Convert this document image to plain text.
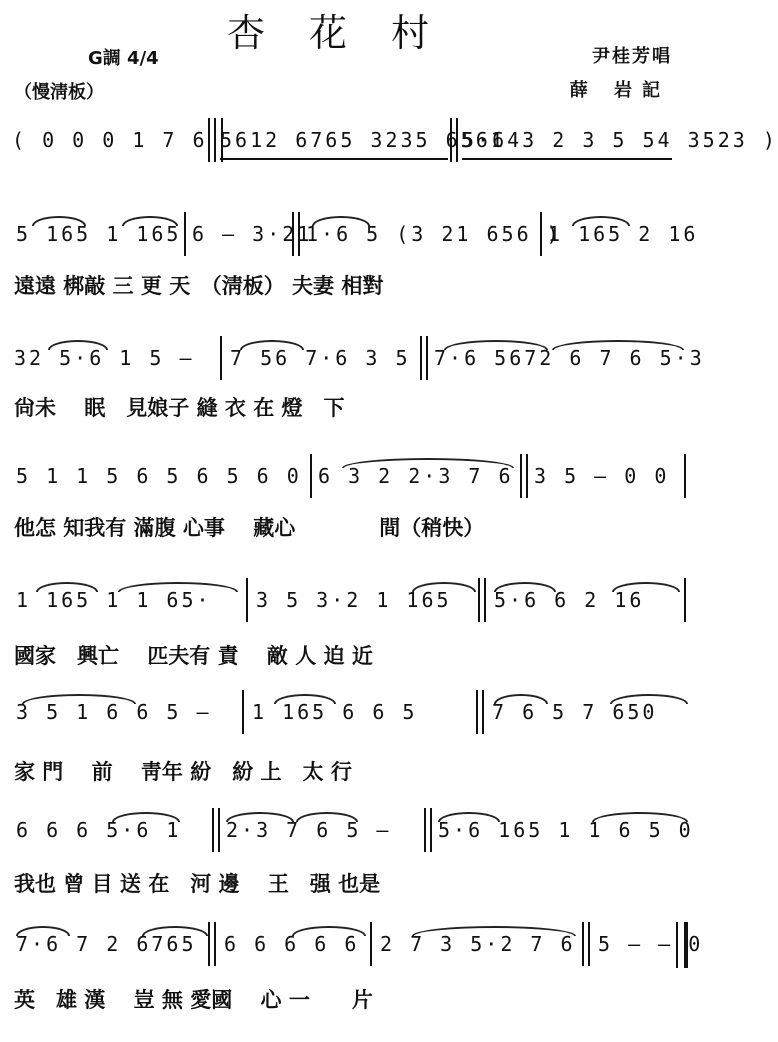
杏花村
G調 4/4
（慢淸板）
尹桂芳唱
薛 岩記
( 0 0 0 1 7 6 5612 6765 3235 6561
5·643 2 3 5 54 3523 )
5 165 1 165 6 — 3·21
1·6 5 (3 21 656 )
1 165 2 16
遠遠 梆敲 三 更 天　（淸板） 夫妻 相對
32 5·6 1 5 — 7 56 7·6 3 5 7·6 5672 6 7 6 5·3
尙未　 眠　見娘子 縫 衣 在 燈　下
5 1 1 5 6 5 6 5 6 0 6 3 2 2·3 7 6 3 5 — 0 0
他怎 知我有 滿腹 心事　 藏心　　　　間（稍快）
1 165 1 1 65· 3 5 3·2 1 165 5·6 6 2 16
國家　興亡　 匹夫有 責　 敵 人 迫 近
3 5 1 6 6 5 — 1 165 6 6 5	7 6 5 7 650
家 門　 前　 靑年 紛　紛 上　太 行
6 6 6 5·6 1 2·3 7 6 5 — 5·6 165 1 1 6 5 0
我也 曾 目 送 在　河 邊　 王　强 也是
7·6 7 2 6765 6 6 6 6 6 2 7 3 5·2 7 6 5 — — 0
英　雄 漢　 豈 無 愛國　 心 一　　片
